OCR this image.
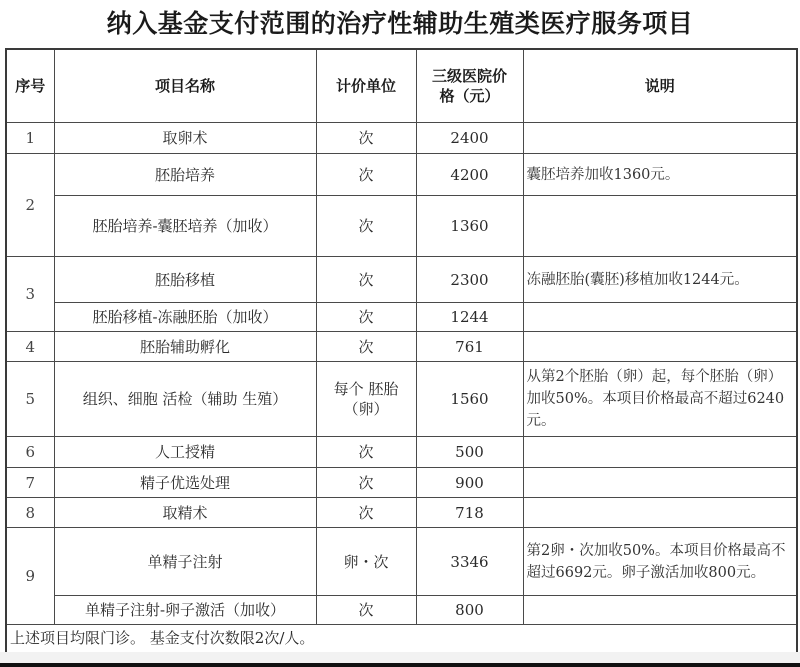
纳入基金支付范围的治疗性辅助生殖类医疗服务项目
序号	项目名称	计价单位	三级医院价格（元）	说明
1	取卵术	次	2400	
2	胚胎培养	次	4200	囊胚培养加收1360元。
	胚胎培养-囊胚培养（加收）	次	1360	
3	胚胎移植	次	2300	冻融胚胎(囊胚)移植加收1244元。
	胚胎移植-冻融胚胎（加收）	次	1244	
4	胚胎辅助孵化	次	761	
5	组织、细胞 活检（辅助 生殖）	每个 胚胎（卵）	1560	从第2个胚胎（卵）起，每个胚胎（卵）加收50%。本项目价格最高不超过6240元。
6	人工授精	次	500	
7	精子优选处理	次	900	
8	取精术	次	718	
9	单精子注射	卵・次	3346	第2卵・次加收50%。本项目价格最高不超过6692元。卵子激活加收800元。
	单精子注射-卵子激活（加收）	次	800	
上述项目均限门诊。 基金支付次数限2次/人。				
